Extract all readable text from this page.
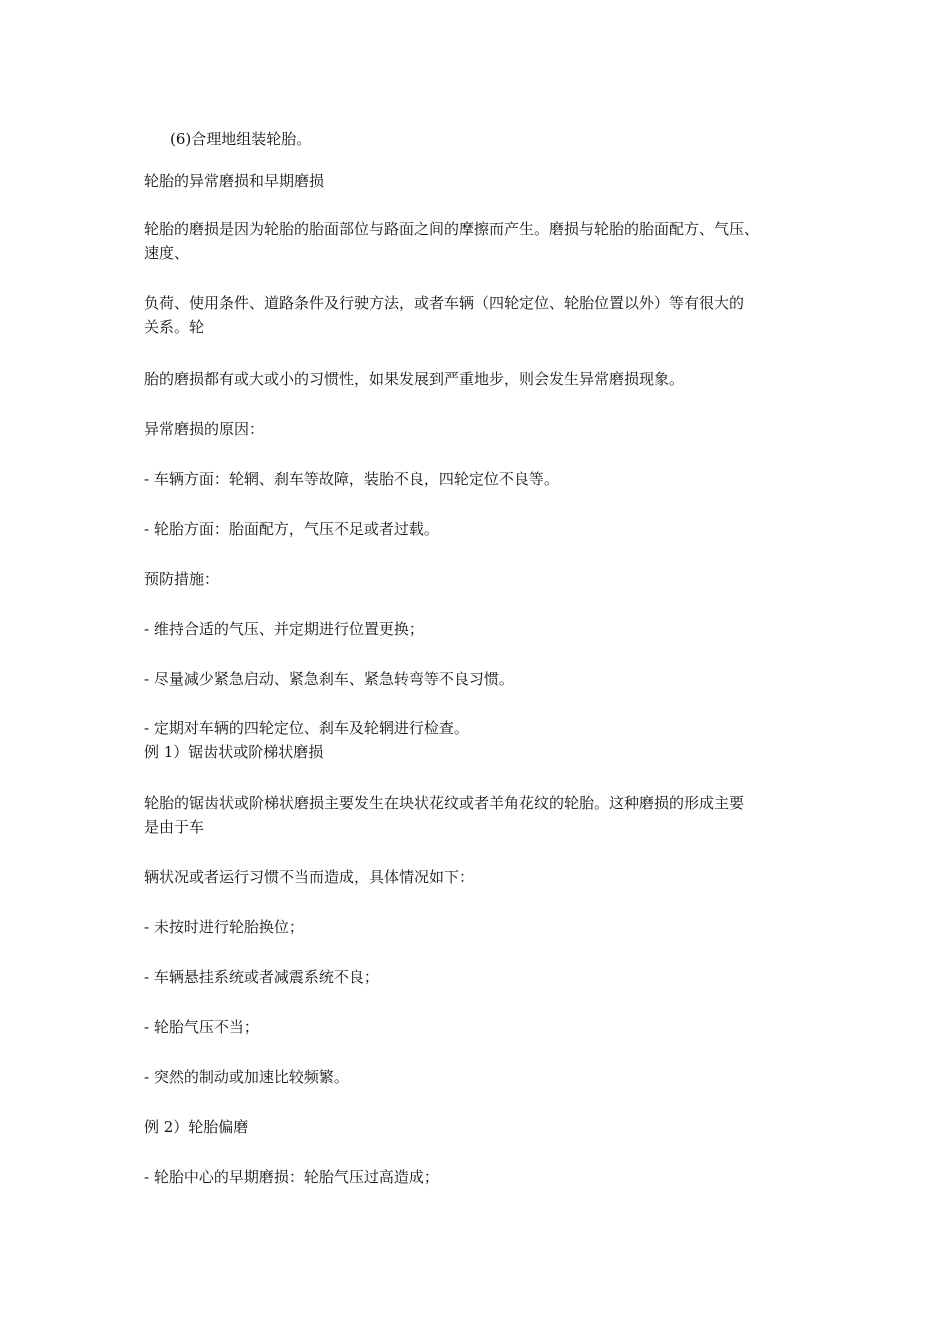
(6)合理地组装轮胎。
轮胎的异常磨损和早期磨损
轮胎的磨损是因为轮胎的胎面部位与路面之间的摩擦而产生。磨损与轮胎的胎面配方、气压、
速度、
负荷、使用条件、道路条件及行驶方法，或者车辆（四轮定位、轮胎位置以外）等有很大的
关系。轮
胎的磨损都有或大或小的习惯性，如果发展到严重地步，则会发生异常磨损现象。
异常磨损的原因：
- 车辆方面：轮辋、刹车等故障，装胎不良，四轮定位不良等。
- 轮胎方面：胎面配方，气压不足或者过载。
预防措施：
- 维持合适的气压、并定期进行位置更换；
- 尽量减少紧急启动、紧急刹车、紧急转弯等不良习惯。
- 定期对车辆的四轮定位、刹车及轮辋进行检查。
例 1）锯齿状或阶梯状磨损
轮胎的锯齿状或阶梯状磨损主要发生在块状花纹或者羊角花纹的轮胎。这种磨损的形成主要
是由于车
辆状况或者运行习惯不当而造成，具体情况如下：
- 未按时进行轮胎换位；
- 车辆悬挂系统或者减震系统不良；
- 轮胎气压不当；
- 突然的制动或加速比较频繁。
例 2）轮胎偏磨
- 轮胎中心的早期磨损：轮胎气压过高造成；
